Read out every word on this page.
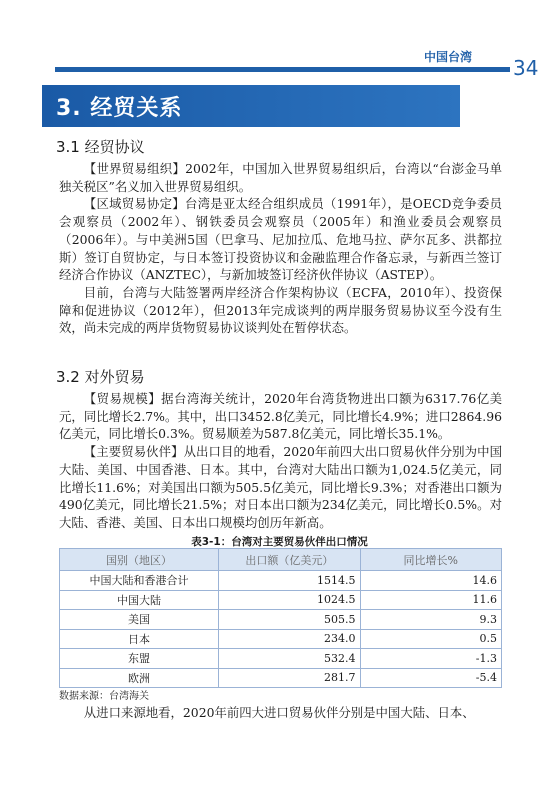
中国台湾 34
3. 经贸关系
3.1 经贸协议

【世界贸易组织】2002年，中国加入世界贸易组织后，台湾以“台澎金马单独关税区”名义加入世界贸易组织。

【区域贸易协定】台湾是亚太经合组织成员（1991年），是OECD竞争委员会观察员（2002年）、钢铁委员会观察员（2005年）和渔业委员会观察员（2006年）。与中美洲5国（巴拿马、尼加拉瓜、危地马拉、萨尔瓦多、洪都拉斯）签订自贸协定，与日本签订投资协议和金融监理合作备忘录，与新西兰签订经济合作协议（ANZTEC），与新加坡签订经济伙伴协议（ASTEP）。

目前，台湾与大陆签署两岸经济合作架构协议（ECFA，2010年）、投资保障和促进协议（2012年），但2013年完成谈判的两岸服务贸易协议至今没有生效，尚未完成的两岸货物贸易协议谈判处在暂停状态。

3.2 对外贸易

【贸易规模】据台湾海关统计，2020年台湾货物进出口额为6317.76亿美元，同比增长2.7%。其中，出口3452.8亿美元，同比增长4.9%；进口2864.96亿美元，同比增长0.3%。贸易顺差为587.8亿美元，同比增长35.1%。

【主要贸易伙伴】从出口目的地看，2020年前四大出口贸易伙伴分别为中国大陆、美国、中国香港、日本。其中，台湾对大陆出口额为1,024.5亿美元，同比增长11.6%；对美国出口额为505.5亿美元，同比增长9.3%；对香港出口额为490亿美元，同比增长21.5%；对日本出口额为234亿美元，同比增长0.5%。对大陆、香港、美国、日本出口规模均创历年新高。

表3-1：台湾对主要贸易伙伴出口情况
国别（地区）	出口额（亿美元）	同比增长%
中国大陆和香港合计	1514.5	14.6
中国大陆	1024.5	11.6
美国	505.5	9.3
日本	234.0	0.5
东盟	532.4	-1.3
欧洲	281.7	-5.4
数据来源：台湾海关

从进口来源地看，2020年前四大进口贸易伙伴分别是中国大陆、日本、
